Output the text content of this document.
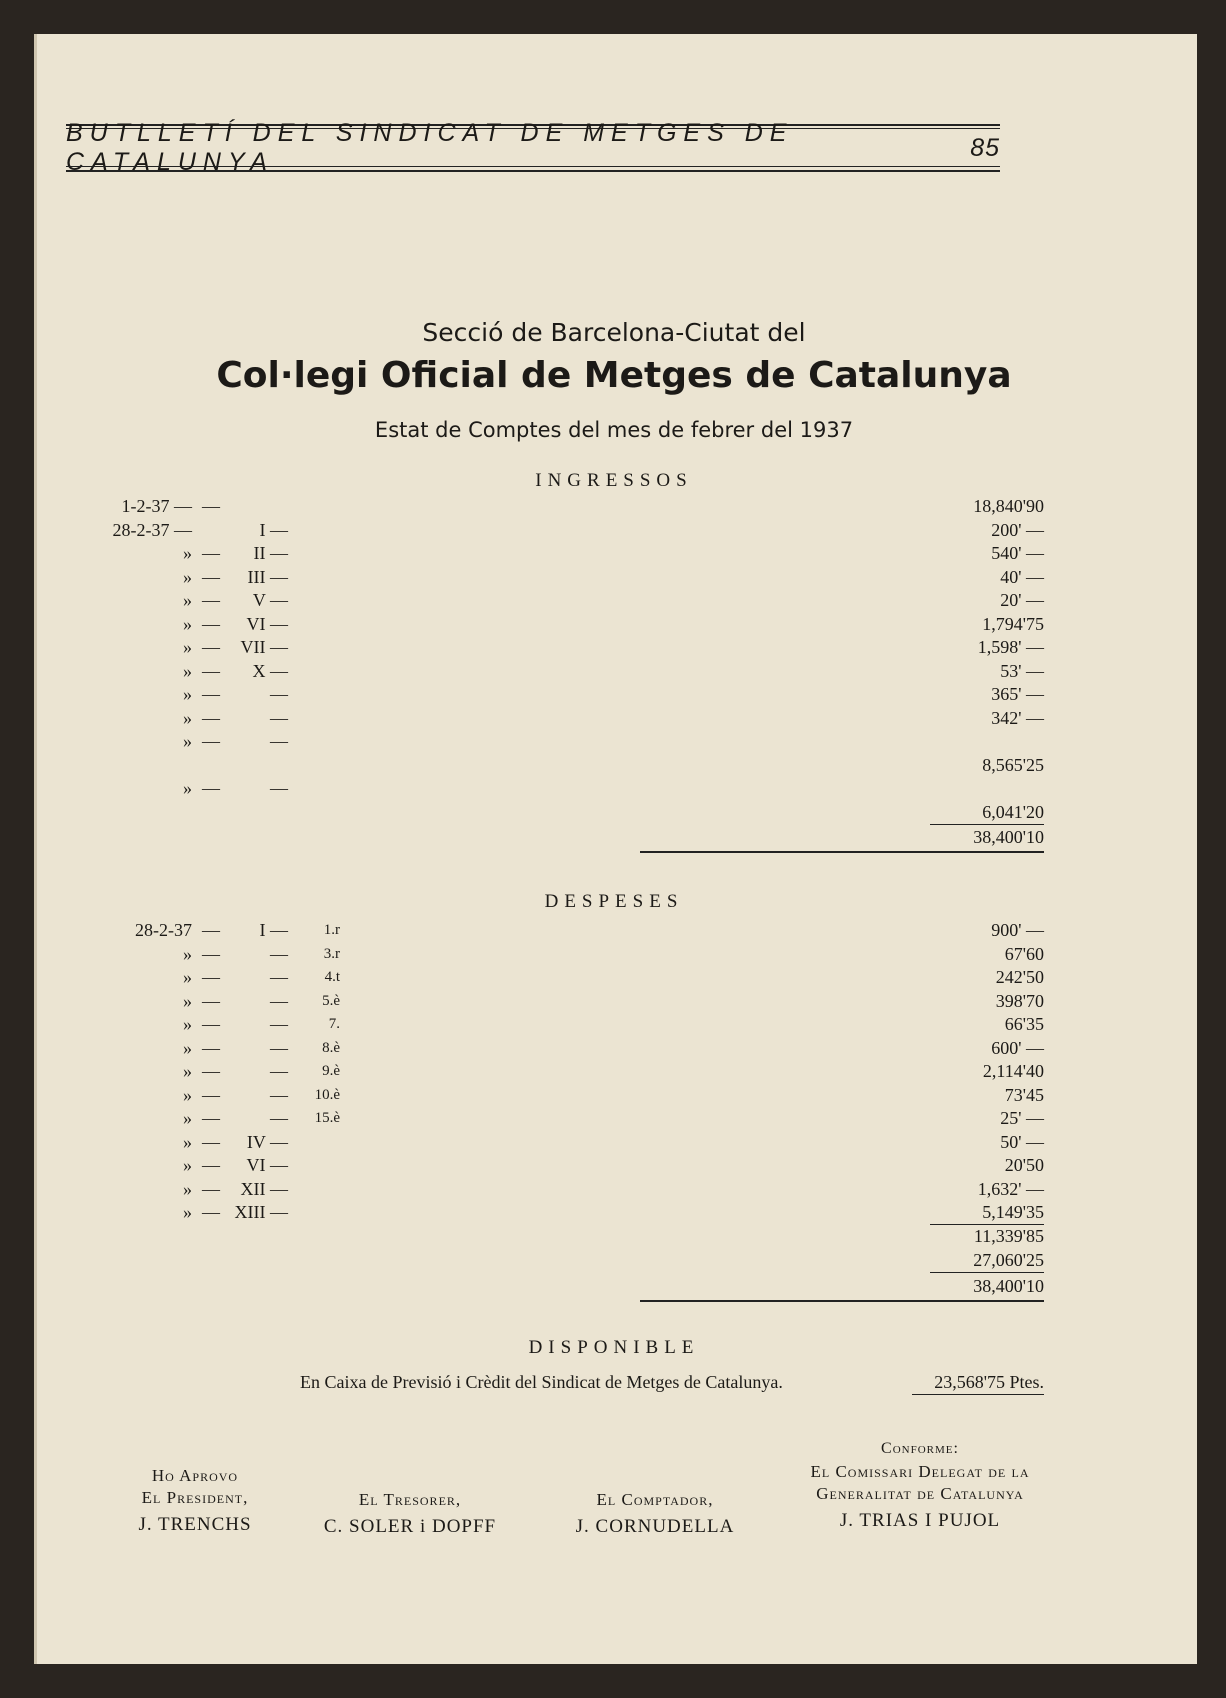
BUTLLETÍ DEL SINDICAT DE METGES DE CATALUNYA
85
Secció de Barcelona-Ciutat del
Col·legi Oficial de Metges de Catalunya
Estat de Comptes del mes de febrer del 1937
INGRESSOS
1-2-37 — —	18,840'90
28-2-37 —	I —	200' —
» —	II —	540' —
» —	III —	40' —
» —	V —	20' —
» —	VI —	1,794'75
» —	VII —	1,598' —
» —	X —	53' —
» —	—	365' —
» —	—	342' —
» —	—
8,565'25
» —	—
6,041'20
38,400'10
DESPESES
28-2-37 —	I —	1.r	900' —
» —	—	3.r	67'60
» —	—	4.t	242'50
» —	—	5.è	398'70
» —	—	7.	66'35
» —	—	8.è	600' —
» —	—	9.è	2,114'40
» —	—	10.è	73'45
» —	—	15.è	25' —
» —	IV —	50' —
» —	VI —	20'50
» —	XII —	1,632' —
» — XIII —	5,149'35
11,339'85
27,060'25
38,400'10
DISPONIBLE
En Caixa de Previsió i Crèdit del Sindicat de Metges de Catalunya.	23,568'75 Ptes.
Ho Aprovo
El President,
J. TRENCHS
El Tresorer,
C. SOLER i DOPFF
El Comptador,
J. CORNUDELLA
Conforme:
El Comissari Delegat de la
Generalitat de Catalunya
J. TRIAS I PUJOL
